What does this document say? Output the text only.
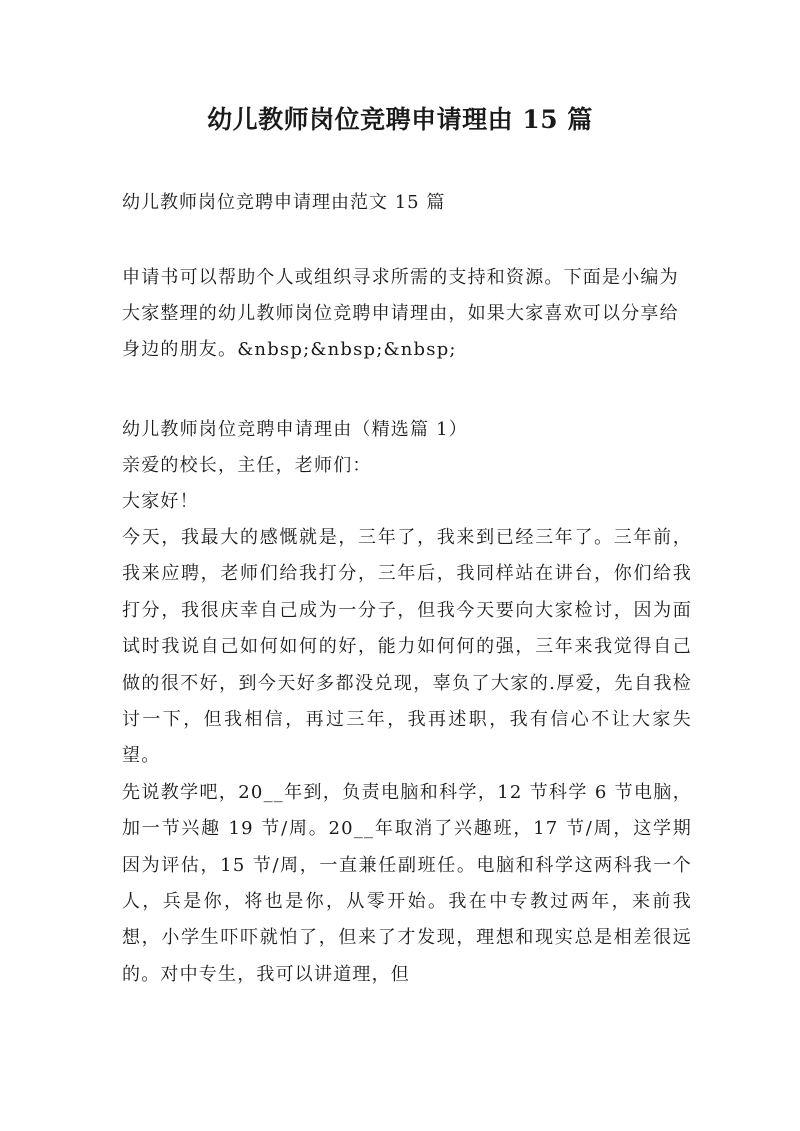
幼儿教师岗位竞聘申请理由 15 篇
幼儿教师岗位竞聘申请理由范文 15 篇

申请书可以帮助个人或组织寻求所需的支持和资源。下面是小编为大家整理的幼儿教师岗位竞聘申请理由，如果大家喜欢可以分享给身边的朋友。&nbsp;&nbsp;&nbsp;

幼儿教师岗位竞聘申请理由（精选篇 1）

亲爱的校长，主任，老师们：

大家好！

今天，我最大的感慨就是，三年了，我来到已经三年了。三年前，我来应聘，老师们给我打分，三年后，我同样站在讲台，你们给我打分，我很庆幸自己成为一分子，但我今天要向大家检讨，因为面试时我说自己如何如何的好，能力如何何的强，三年来我觉得自己做的很不好，到今天好多都没兑现，辜负了大家的.厚爱，先自我检讨一下，但我相信，再过三年，我再述职，我有信心不让大家失望。

先说教学吧，20__年到，负责电脑和科学，12 节科学 6 节电脑，加一节兴趣 19 节/周。20__年取消了兴趣班，17 节/周，这学期因为评估，15 节/周，一直兼任副班任。电脑和科学这两科我一个人，兵是你，将也是你，从零开始。我在中专教过两年，来前我想，小学生吓吓就怕了，但来了才发现，理想和现实总是相差很远的。对中专生，我可以讲道理，但
